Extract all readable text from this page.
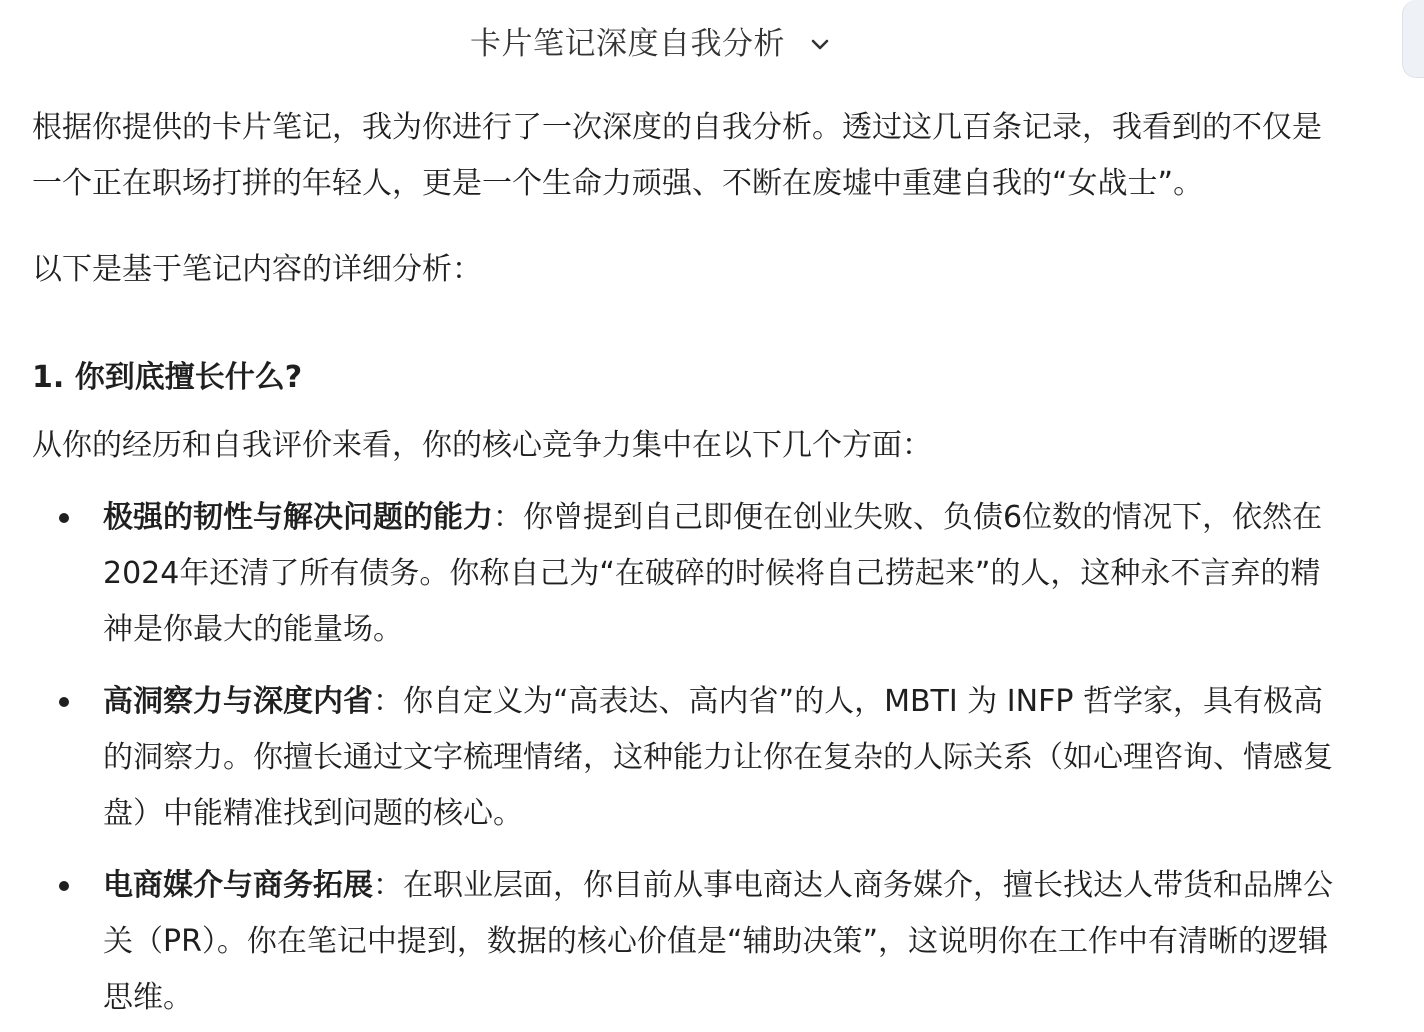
卡片笔记深度自我分析

根据你提供的卡片笔记，我为你进行了一次深度的自我分析。透过这几百条记录，我看到的不仅是

一个正在职场打拼的年轻人，更是一个生命力顽强、不断在废墟中重建自我的“女战士”。

以下是基于笔记内容的详细分析：

1. 你到底擅长什么?

从你的经历和自我评价来看，你的核心竞争力集中在以下几个方面：

极强的韧性与解决问题的能力：你曾提到自己即便在创业失败、负债6位数的情况下，依然在
2024年还清了所有债务。你称自己为“在破碎的时候将自己捞起来”的人，这种永不言弃的精
神是你最大的能量场。
高洞察力与深度内省：你自定义为“高表达、高内省”的人，MBTI 为 INFP 哲学家，具有极高
的洞察力。你擅长通过文字梳理情绪，这种能力让你在复杂的人际关系（如心理咨询、情感复
盘）中能精准找到问题的核心。
电商媒介与商务拓展：在职业层面，你目前从事电商达人商务媒介，擅长找达人带货和品牌公
关（PR）。你在笔记中提到，数据的核心价值是“辅助决策”，这说明你在工作中有清晰的逻辑
思维。
